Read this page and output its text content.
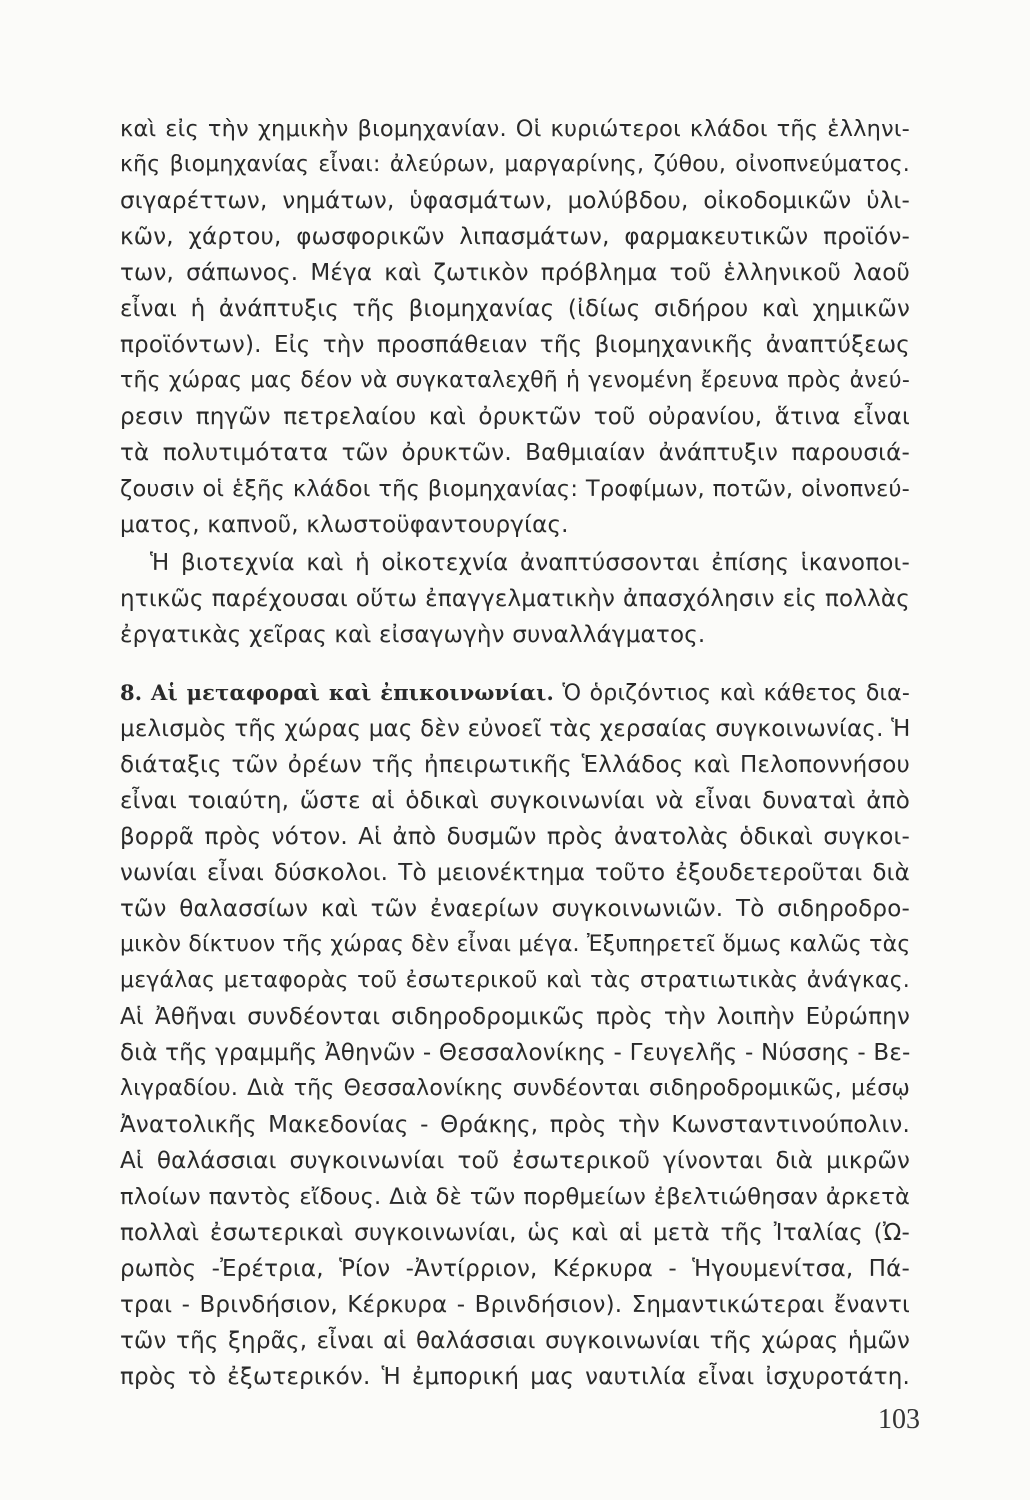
καὶ εἰς τὴν χημικὴν βιομηχανίαν. Οἱ κυριώτεροι κλάδοι τῆς ἑλληνι-
κῆς βιομηχανίας εἶναι: ἀλεύρων, μαργαρίνης, ζύθου, οἰνοπνεύματος.
σιγαρέττων, νημάτων, ὑφασμάτων, μολύβδου, οἰκοδομικῶν ὑλι-
κῶν, χάρτου, φωσφορικῶν λιπασμάτων, φαρμακευτικῶν προϊόν-
των, σάπωνος. Μέγα καὶ ζωτικὸν πρόβλημα τοῦ ἑλληνικοῦ λαοῦ
εἶναι ἡ ἀνάπτυξις τῆς βιομηχανίας (ἰδίως σιδήρου καὶ χημικῶν
προϊόντων). Εἰς τὴν προσπάθειαν τῆς βιομηχανικῆς ἀναπτύξεως
τῆς χώρας μας δέον νὰ συγκαταλεχθῆ ἡ γενομένη ἔρευνα πρὸς ἀνεύ-
ρεσιν πηγῶν πετρελαίου καὶ ὀρυκτῶν τοῦ οὐρανίου, ἅτινα εἶναι
τὰ πολυτιμότατα τῶν ὀρυκτῶν. Βαθμιαίαν ἀνάπτυξιν παρουσιά-
ζουσιν οἱ ἑξῆς κλάδοι τῆς βιομηχανίας: Τροφίμων, ποτῶν, οἰνοπνεύ-
ματος, καπνοῦ, κλωστοϋφαντουργίας.
Ἡ βιοτεχνία καὶ ἡ οἰκοτεχνία ἀναπτύσσονται ἐπίσης ἱκανοποι-
ητικῶς παρέχουσαι οὕτω ἐπαγγελματικὴν ἀπασχόλησιν εἰς πολλὰς
ἐργατικὰς χεῖρας καὶ εἰσαγωγὴν συναλλάγματος.
8. Αἱ μεταφοραὶ καὶ ἐπικοινωνίαι. Ὁ ὁριζόντιος καὶ κάθετος δια-
μελισμὸς τῆς χώρας μας δὲν εὐνοεῖ τὰς χερσαίας συγκοινωνίας. Ἡ
διάταξις τῶν ὀρέων τῆς ἠπειρωτικῆς Ἑλλάδος καὶ Πελοποννήσου
εἶναι τοιαύτη, ὥστε αἱ ὁδικαὶ συγκοινωνίαι νὰ εἶναι δυναταὶ ἀπὸ
βορρᾶ πρὸς νότον. Αἱ ἀπὸ δυσμῶν πρὸς ἀνατολὰς ὁδικαὶ συγκοι-
νωνίαι εἶναι δύσκολοι. Τὸ μειονέκτημα τοῦτο ἐξουδετεροῦται διὰ
τῶν θαλασσίων καὶ τῶν ἐναερίων συγκοινωνιῶν. Τὸ σιδηροδρο-
μικὸν δίκτυον τῆς χώρας δὲν εἶναι μέγα. Ἐξυπηρετεῖ ὅμως καλῶς τὰς
μεγάλας μεταφορὰς τοῦ ἐσωτερικοῦ καὶ τὰς στρατιωτικὰς ἀνάγκας.
Αἱ Ἀθῆναι συνδέονται σιδηροδρομικῶς πρὸς τὴν λοιπὴν Εὐρώπην
διὰ τῆς γραμμῆς Ἀθηνῶν - Θεσσαλονίκης - Γευγελῆς - Νύσσης - Βε-
λιγραδίου. Διὰ τῆς Θεσσαλονίκης συνδέονται σιδηροδρομικῶς, μέσῳ
Ἀνατολικῆς Μακεδονίας - Θράκης, πρὸς τὴν Κωνσταντινούπολιν.
Αἱ θαλάσσιαι συγκοινωνίαι τοῦ ἐσωτερικοῦ γίνονται διὰ μικρῶν
πλοίων παντὸς εἴδους. Διὰ δὲ τῶν πορθμείων ἐβελτιώθησαν ἀρκετὰ
πολλαὶ ἐσωτερικαὶ συγκοινωνίαι, ὡς καὶ αἱ μετὰ τῆς Ἰταλίας (Ὠ-
ρωπὸς -Ἐρέτρια, Ῥίον -Ἀντίρριον, Κέρκυρα - Ἡγουμενίτσα, Πά-
τραι - Βρινδήσιον, Κέρκυρα - Βρινδήσιον). Σημαντικώτεραι ἔναντι
τῶν τῆς ξηρᾶς, εἶναι αἱ θαλάσσιαι συγκοινωνίαι τῆς χώρας ἡμῶν
πρὸς τὸ ἐξωτερικόν. Ἡ ἐμπορική μας ναυτιλία εἶναι ἰσχυροτάτη.
103
